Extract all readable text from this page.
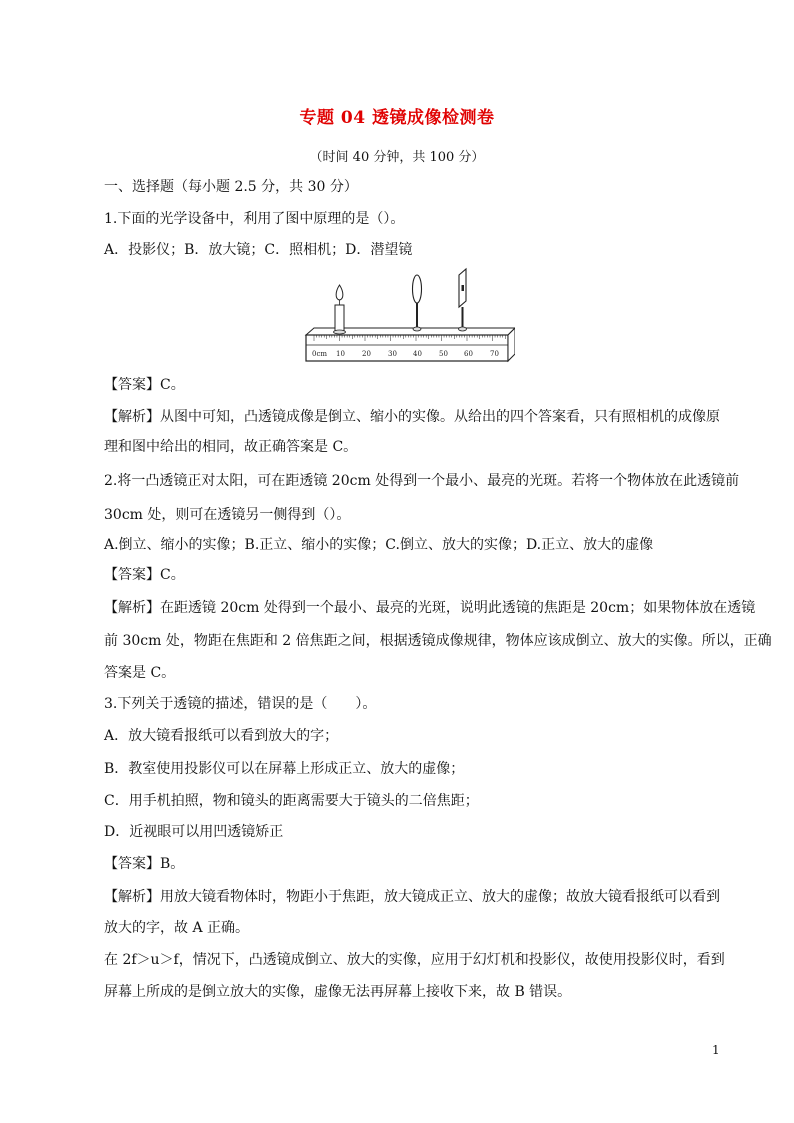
专题 04 透镜成像检测卷
（时间 40 分钟，共 100 分）
一、选择题（每小题 2.5 分，共 30 分）
1.下面的光学设备中，利用了图中原理的是（）。
A．投影仪；B．放大镜；C．照相机；D．潜望镜
0cm 10 20 30 40 50 60 70
【答案】C。
【解析】从图中可知，凸透镜成像是倒立、缩小的实像。从给出的四个答案看，只有照相机的成像原
理和图中给出的相同，故正确答案是 C。
2.将一凸透镜正对太阳，可在距透镜 20cm 处得到一个最小、最亮的光斑。若将一个物体放在此透镜前
30cm 处，则可在透镜另一侧得到（）。
A.倒立、缩小的实像；B.正立、缩小的实像；C.倒立、放大的实像；D.正立、放大的虚像
【答案】C。
【解析】在距透镜 20cm 处得到一个最小、最亮的光斑，说明此透镜的焦距是 20cm；如果物体放在透镜
前 30cm 处，物距在焦距和 2 倍焦距之间，根据透镜成像规律，物体应该成倒立、放大的实像。所以，正确
答案是 C。
3.下列关于透镜的描述，错误的是（　　）。
A．放大镜看报纸可以看到放大的字；
B．教室使用投影仪可以在屏幕上形成正立、放大的虚像；
C．用手机拍照，物和镜头的距离需要大于镜头的二倍焦距；
D．近视眼可以用凹透镜矫正
【答案】B。
【解析】用放大镜看物体时，物距小于焦距，放大镜成正立、放大的虚像；故放大镜看报纸可以看到
放大的字，故 A 正确。
在 2f＞u＞f，情况下，凸透镜成倒立、放大的实像，应用于幻灯机和投影仪，故使用投影仪时，看到
屏幕上所成的是倒立放大的实像，虚像无法再屏幕上接收下来，故 B 错误。
1
